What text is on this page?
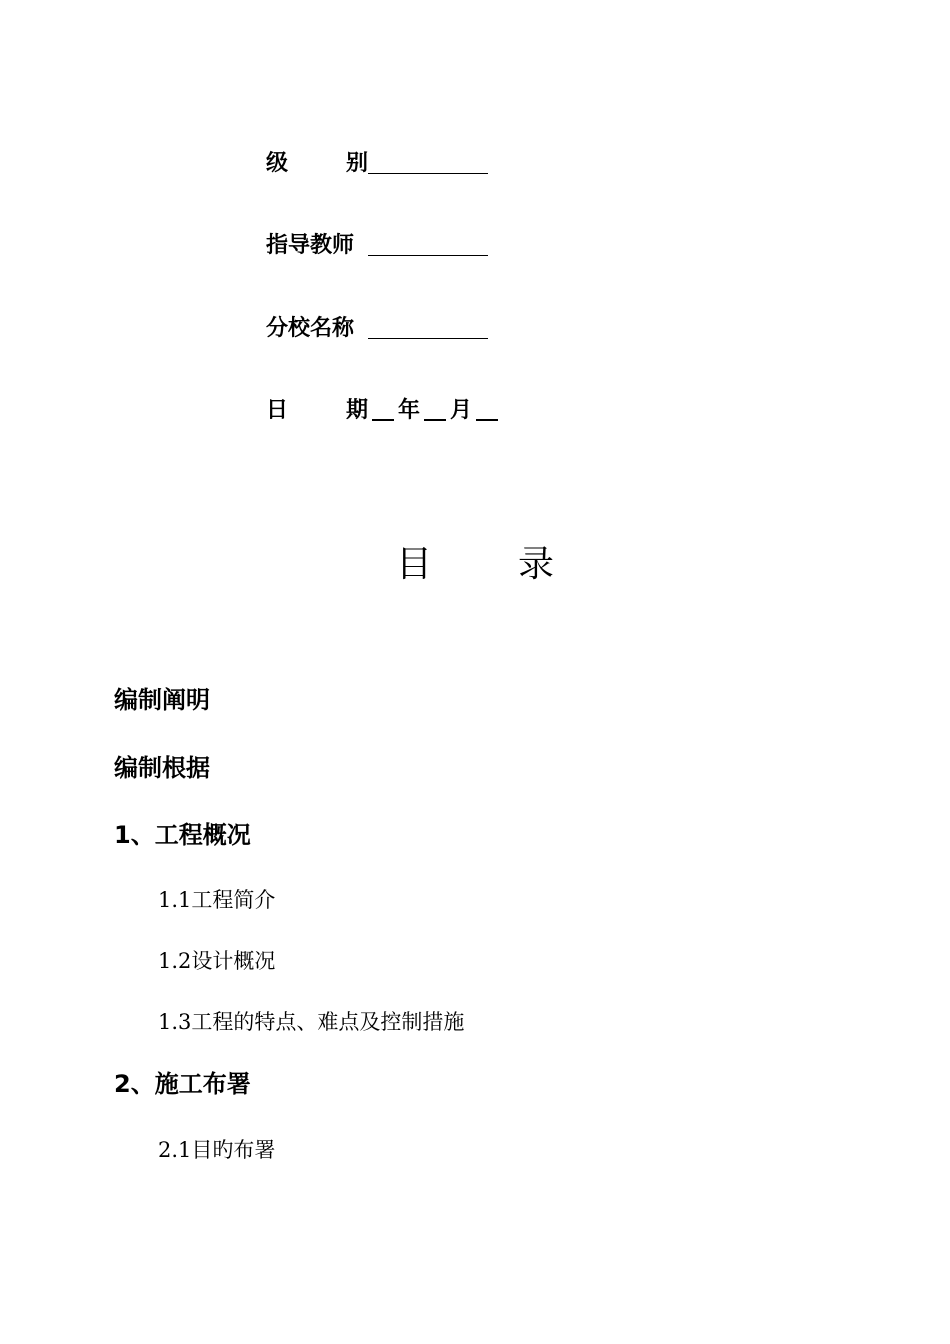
级	别
指导教师
分校名称
日	期 年 月
目 录
编制阐明
编制根据
1、工程概况
1.1工程简介
1.2设计概况
1.3工程的特点、难点及控制措施
2、施工布署
2.1目旳布署
